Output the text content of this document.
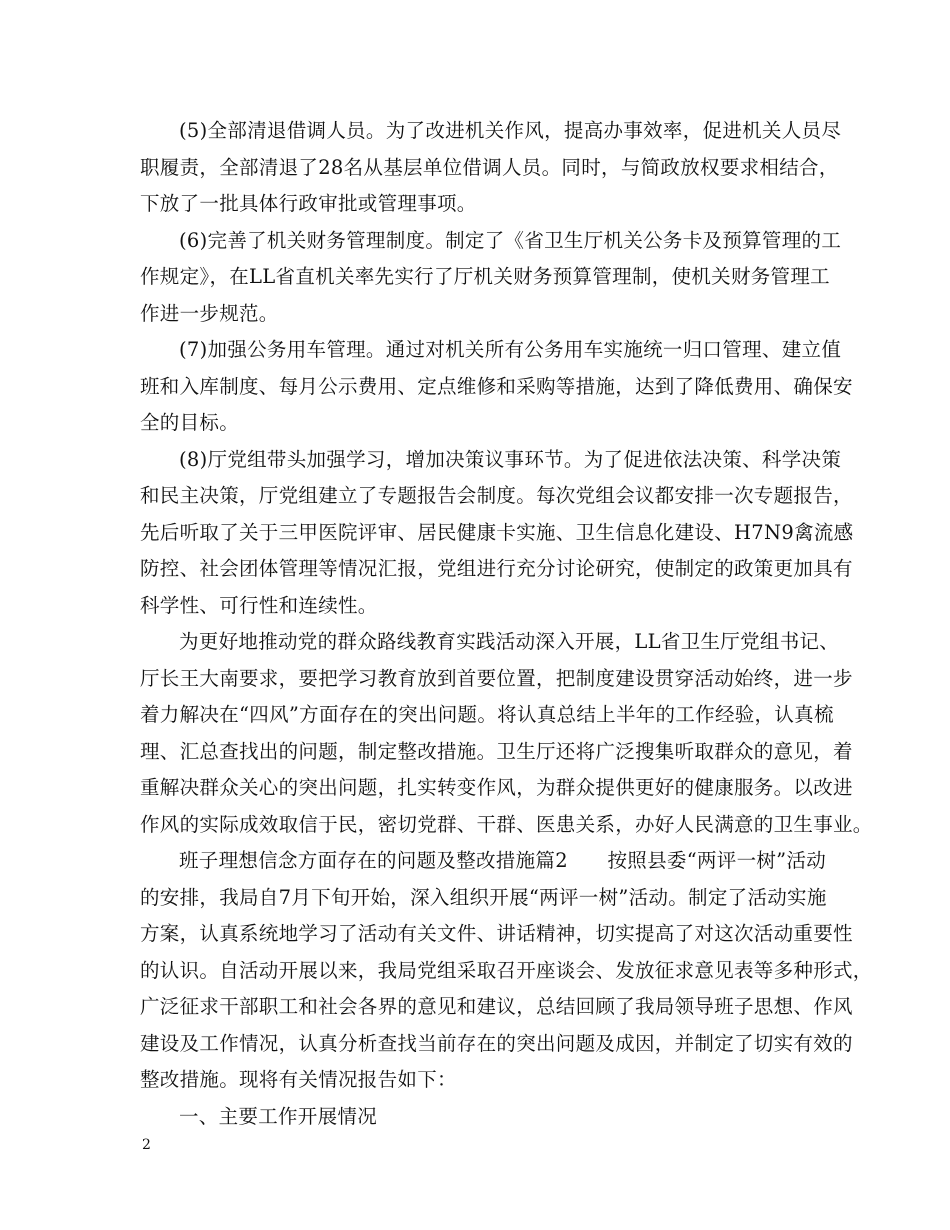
(5)全部清退借调人员。为了改进机关作风，提高办事效率，促进机关人员尽
职履责，全部清退了28名从基层单位借调人员。同时，与简政放权要求相结合，
下放了一批具体行政审批或管理事项。

(6)完善了机关财务管理制度。制定了《省卫生厅机关公务卡及预算管理的工
作规定》，在LL省直机关率先实行了厅机关财务预算管理制，使机关财务管理工
作进一步规范。

(7)加强公务用车管理。通过对机关所有公务用车实施统一归口管理、建立值
班和入库制度、每月公示费用、定点维修和采购等措施，达到了降低费用、确保安
全的目标。

(8)厅党组带头加强学习，增加决策议事环节。为了促进依法决策、科学决策
和民主决策，厅党组建立了专题报告会制度。每次党组会议都安排一次专题报告，
先后听取了关于三甲医院评审、居民健康卡实施、卫生信息化建设、H7N9禽流感
防控、社会团体管理等情况汇报，党组进行充分讨论研究，使制定的政策更加具有
科学性、可行性和连续性。

为更好地推动党的群众路线教育实践活动深入开展，LL省卫生厅党组书记、
厅长王大南要求，要把学习教育放到首要位置，把制度建设贯穿活动始终，进一步
着力解决在“四风”方面存在的突出问题。将认真总结上半年的工作经验，认真梳
理、汇总查找出的问题，制定整改措施。卫生厅还将广泛搜集听取群众的意见，着
重解决群众关心的突出问题，扎实转变作风，为群众提供更好的健康服务。以改进
作风的实际成效取信于民，密切党群、干群、医患关系，办好人民满意的卫生事业。

班子理想信念方面存在的问题及整改措施篇2　　按照县委“两评一树”活动
的安排，我局自7月下旬开始，深入组织开展“两评一树”活动。制定了活动实施
方案，认真系统地学习了活动有关文件、讲话精神，切实提高了对这次活动重要性
的认识。自活动开展以来，我局党组采取召开座谈会、发放征求意见表等多种形式，
广泛征求干部职工和社会各界的意见和建议，总结回顾了我局领导班子思想、作风
建设及工作情况，认真分析查找当前存在的突出问题及成因，并制定了切实有效的
整改措施。现将有关情况报告如下：

一、主要工作开展情况

2
